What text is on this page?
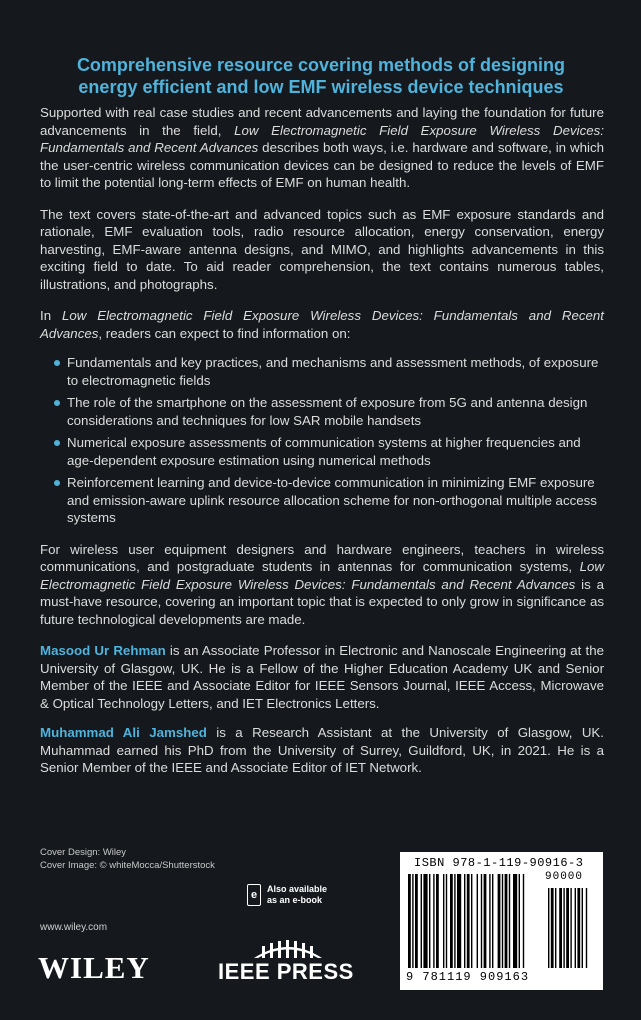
Comprehensive resource covering methods of designing
energy efficient and low EMF wireless device techniques

Supported with real case studies and recent advancements and laying the foundation for future advancements in the field, Low Electromagnetic Field Exposure Wireless Devices: Fundamentals and Recent Advances describes both ways, i.e. hardware and software, in which the user-centric wireless communication devices can be designed to reduce the levels of EMF to limit the potential long-term effects of EMF on human health.

The text covers state-of-the-art and advanced topics such as EMF exposure standards and rationale, EMF evaluation tools, radio resource allocation, energy conservation, energy harvesting, EMF-aware antenna designs, and MIMO, and highlights advancements in this exciting field to date. To aid reader comprehension, the text contains numerous tables, illustrations, and photographs.

In Low Electromagnetic Field Exposure Wireless Devices: Fundamentals and Recent Advances, readers can expect to find information on:

Fundamentals and key practices, and mechanisms and assessment methods, of exposure to electromagnetic fields
The role of the smartphone on the assessment of exposure from 5G and antenna design considerations and techniques for low SAR mobile handsets
Numerical exposure assessments of communication systems at higher frequencies and age-dependent exposure estimation using numerical methods
Reinforcement learning and device-to-device communication in minimizing EMF exposure and emission-aware uplink resource allocation scheme for non-orthogonal multiple access systems

For wireless user equipment designers and hardware engineers, teachers in wireless communications, and postgraduate students in antennas for communication systems, Low Electromagnetic Field Exposure Wireless Devices: Fundamentals and Recent Advances is a must-have resource, covering an important topic that is expected to only grow in significance as future technological developments are made.

Masood Ur Rehman is an Associate Professor in Electronic and Nanoscale Engineering at the University of Glasgow, UK. He is a Fellow of the Higher Education Academy UK and Senior Member of the IEEE and Associate Editor for IEEE Sensors Journal, IEEE Access, Microwave & Optical Technology Letters, and IET Electronics Letters.

Muhammad Ali Jamshed is a Research Assistant at the University of Glasgow, UK. Muhammad earned his PhD from the University of Surrey, Guildford, UK, in 2021. He is a Senior Member of the IEEE and Associate Editor of IET Network.

Cover Design: Wiley
Cover Image: © whiteMocca/Shutterstock
e	Also available
as an e-book
www.wiley.com
WILEY	IEEE PRESS
ISBN 978-1-119-90916-3
90000
9 781119 909163
